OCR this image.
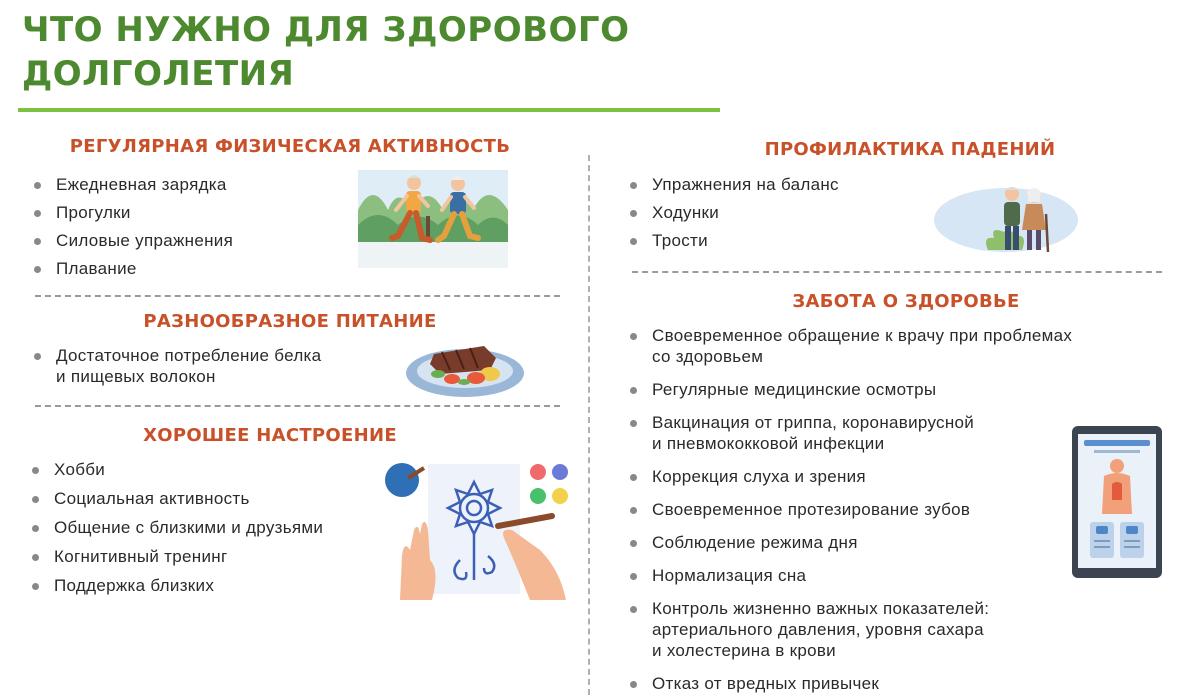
ЧТО НУЖНО ДЛЯ ЗДОРОВОГО
ДОЛГОЛЕТИЯ
РЕГУЛЯРНАЯ ФИЗИЧЕСКАЯ АКТИВНОСТЬ
Ежедневная зарядка
Прогулки
Силовые упражнения
Плавание
РАЗНООБРАЗНОЕ ПИТАНИЕ
Достаточное потребление белка
и пищевых волокон
ХОРОШЕЕ НАСТРОЕНИЕ
Хобби
Социальная активность
Общение с близкими и друзьями
Когнитивный тренинг
Поддержка близких
ПРОФИЛАКТИКА ПАДЕНИЙ
Упражнения на баланс
Ходунки
Трости
ЗАБОТА О ЗДОРОВЬЕ
Своевременное обращение к врачу при проблемах
со здоровьем
Регулярные медицинские осмотры
Вакцинация от гриппа, коронавирусной
и пневмококковой инфекции
Коррекция слуха и зрения
Своевременное протезирование зубов
Соблюдение режима дня
Нормализация сна
Контроль жизненно важных показателей:
артериального давления, уровня сахара
и холестерина в крови
Отказ от вредных привычек
